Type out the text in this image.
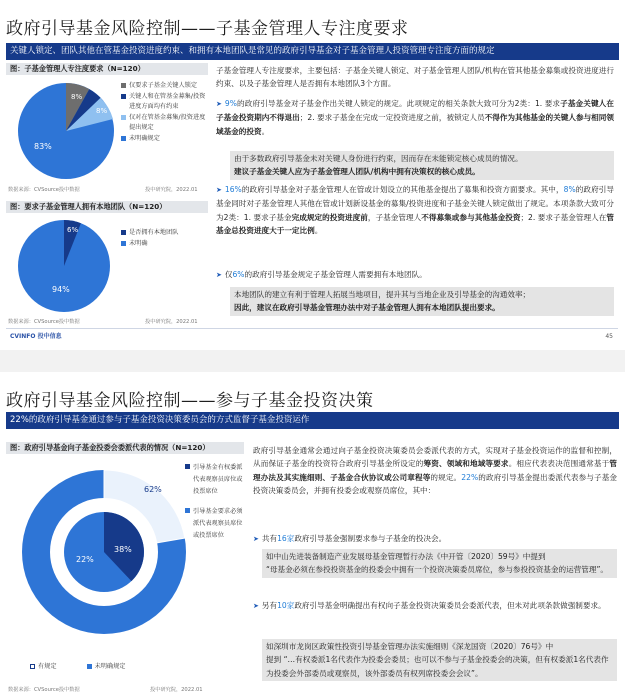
政府引导基金风险控制——子基金管理人专注度要求
关键人锁定、团队其他在管基金投资进度约束、和拥有本地团队是常见的政府引导基金对子基金管理人投资管理专注度方面的规定
图：子基金管理人专注度要求（N=120）
8%
8%
83%
仅要求子基金关键人锁定
关键人和在管基金募集/投资进度方面均有约束
仅对在管基金募集/投资进度提出规定
未明确规定
数据来源：CVSource投中数据	投中研究院，2022.01
图：要求子基金管理人拥有本地团队（N=120）
6%
94%
是否拥有本地团队
未明确
数据来源：CVSource投中数据	投中研究院，2022.01
子基金管理人专注度要求，主要包括：子基金关键人锁定、对子基金管理人团队/机构在管其他基金募集或投资进度进行约束、以及子基金管理人是否拥有本地团队3个方面。
➤ 9%的政府引导基金对子基金作出关键人锁定的规定。此项规定的相关条款大致可分为2类：1. 要求子基金关键人在子基金投资期内不得退出；2. 要求子基金在完成一定投资进度之前，被锁定人员不得作为其他基金的关键人参与相同领域基金的投资。
由于多数政府引导基金未对关键人身份进行约束，因而存在未能锁定核心成员的情况。
建议子基金关键人应为子基金管理人团队/机构中拥有决策权的核心成员。
➤ 16%的政府引导基金对子基金管理人在管或计划设立的其他基金提出了募集和投资方面要求。其中，8%的政府引导基金同时对子基金管理人其他在管或计划新设基金的募集/投资进度和子基金关键人锁定做出了规定。本项条款大致可分为2类：1. 要求子基金完成规定的投资进度前，子基金管理人不得募集或参与其他基金投资；2. 要求子基金管理人在管基金总投资进度大于一定比例。
➤ 仅6%的政府引导基金规定子基金管理人需要拥有本地团队。
本地团队的建立有利于管理人拓展当地项目，提升其与当地企业及引导基金的沟通效率；
因此，建议在政府引导基金管理办法中对子基金管理人拥有本地团队提出要求。
CVINFO 投中信息	45
政府引导基金风险控制——参与子基金投资决策
22%的政府引导基金通过参与子基金投资决策委员会的方式监督子基金投资运作
图：政府引导基金向子基金投委会委派代表的情况（N=120）
62%
38%
22%
78%
引导基金有权委派代表观察员席位或投票席位
引导基金要求必须派代表观察员席位或投票席位
有规定	未明确规定
数据来源：CVSource投中数据	投中研究院，2022.01
政府引导基金通常会通过向子基金投资决策委员会委派代表的方式，实现对子基金投资运作的监督和控制，从而保证子基金的投资符合政府引导基金所设定的筹资、领域和地域等要求。相应代表表决范围通常基于管理办法及其实施细则、子基金合伙协议或公司章程等的规定。22%的政府引导基金提出委派代表参与子基金投资决策委员会，并拥有投委会或观察员席位，其中：
➤ 共有16家政府引导基金强制要求参与子基金的投决会。
如中山先进装备制造产业发展母基金管理暂行办法《中开管〔2020〕59号》中提到
“母基金必须在参投投资基金的投委会中拥有一个投资决策委员席位，参与参投投资基金的运营管理”。
➤ 另有10家政府引导基金明确提出有权向子基金投资决策委员会委派代表，但未对此项条款做强制要求。
如深圳市龙岗区政策性投资引导基金管理办法实施细则《深龙国资〔2020〕76号》中
提到 “…有权委派1名代表作为投委会委员；也可以不参与子基金投委会的决策，但有权委派1名代表作为投委会外部委员或观察员，该外部委员有权列席投委会会议”。
